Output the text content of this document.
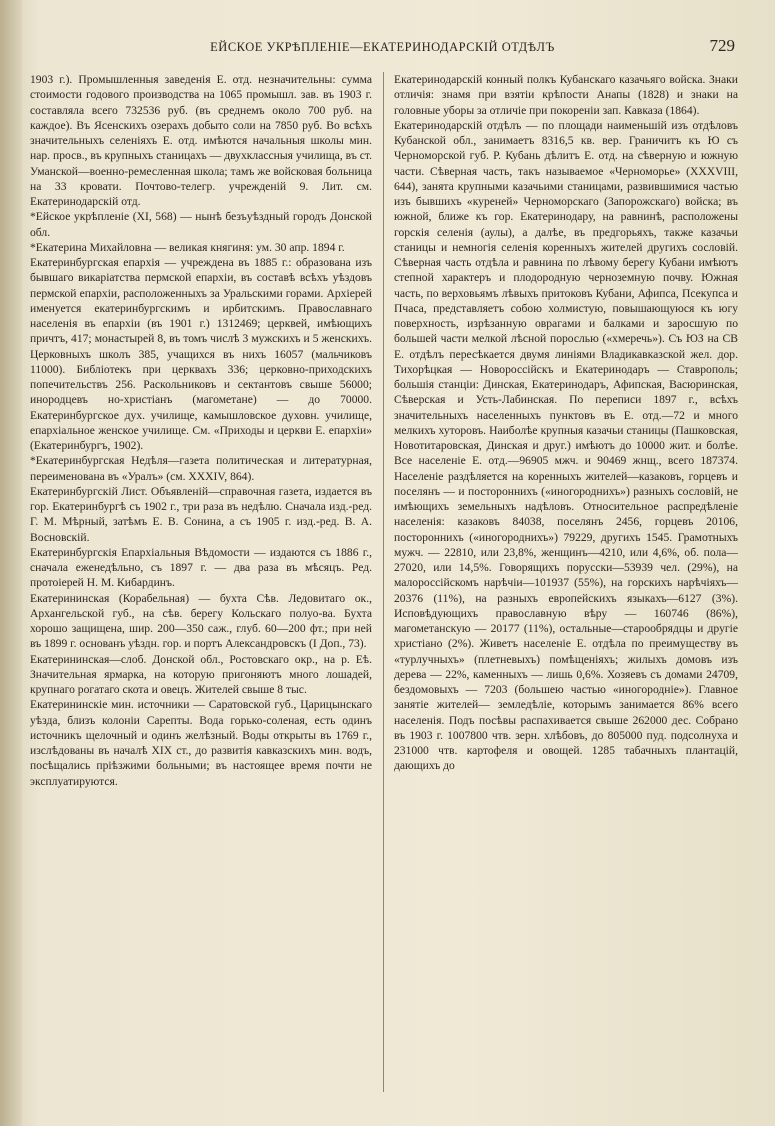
ЕЙСКОЕ УКРѢПЛЕНІЕ—ЕКАТЕРИНОДАРСКІЙ ОТДѢЛЪ	729

1903 г.). Промышленныя заведенія Е. отд. незначительны: сумма стоимости годового производства на 1065 промышл. зав. въ 1903 г. составляла всего 732536 руб. (въ среднемъ около 700 руб. на каждое). Въ Ясенскихъ озерахъ добыто соли на 7850 руб. Во всѣхъ значительныхъ селеніяхъ Е. отд. имѣются начальныя школы мин. нар. просв., въ крупныхъ станицахъ — двухклассныя училища, въ ст. Уманской—военно-ремесленная школа; тамъ же войсковая больница на 33 кровати. Почтово-телегр. учрежденій 9. Лит. см. Екатеринодарскій отд.

*Ейское укрѣпленіе (XI, 568) — нынѣ безъуѣздный городъ Донской обл.

*Екатерина Михайловна — великая княгиня: ум. 30 апр. 1894 г.

Екатеринбургская епархія — учреждена въ 1885 г.: образована изъ бывшаго викаріатства пермской епархіи, въ составѣ всѣхъ уѣздовъ пермской епархіи, расположенныхъ за Уральскими горами. Архіерей именуется екатеринбургскимъ и ирбитскимъ. Православнаго населенія въ епархіи (въ 1901 г.) 1312469; церквей, имѣющихъ причтъ, 417; монастырей 8, въ томъ числѣ 3 мужскихъ и 5 женскихъ. Церковныхъ школъ 385, учащихся въ нихъ 16057 (мальчиковъ 11000). Библіотекъ при церквахъ 336; церковно-приходскихъ попечительствъ 256. Раскольниковъ и сектантовъ свыше 56000; инородцевъ но-христіанъ (магометане) — до 70000. Екатеринбургское дух. училище, камышловское духовн. училище, епархіальное женское училище. См. «Приходы и церкви Е. епархіи» (Екатеринбургъ, 1902).

*Екатеринбургская Недѣля—газета политическая и литературная, переименована въ «Уралъ» (см. XXXIV, 864).

Екатеринбургскій Лист. Объявленій—справочная газета, издается въ гор. Екатеринбургѣ съ 1902 г., три раза въ недѣлю. Сначала изд.-ред. Г. М. Мѣрный, затѣмъ Е. В. Сонина, а съ 1905 г. изд.-ред. В. А. Восновскій.

Екатеринбургскія Епархіальныя Вѣдомости — издаются съ 1886 г., сначала еженедѣльно, съ 1897 г. — два раза въ мѣсяцъ. Ред. протоіерей Н. М. Кибардинъ.

Екатерининская (Корабельная) — бухта Сѣв. Ледовитаго ок., Архангельской губ., на сѣв. берегу Кольскаго полуо-ва. Бухта хорошо защищена, шир. 200—350 саж., глуб. 60—200 фт.; при ней въ 1899 г. основанъ уѣздн. гор. и портъ Александровскъ (I Доп., 73).

Екатерининская—слоб. Донской обл., Ростовскаго окр., на р. Еѣ. Значительная ярмарка, на которую пригоняютъ много лошадей, крупнаго рогатаго скота и овецъ. Жителей свыше 8 тыс.

Екатерининскіе мин. источники — Саратовской губ., Царицынскаго уѣзда, близъ колоніи Сарепты. Вода горько-соленая, есть одинъ источникъ щелочный и одинъ желѣзный. Воды открыты въ 1769 г., изслѣдованы въ началѣ XIX ст., до развитія кавказскихъ мин. водъ, посѣщались пріѣзжими больными; въ настоящее время почти не эксплуатируются.

Екатеринодарскій конный полкъ Кубанскаго казачьяго войска. Знаки отличія: знамя при взятіи крѣпости Анапы (1828) и знаки на головные уборы за отличіе при покореніи зап. Кавказа (1864).

Екатеринодарскій отдѣлъ — по площади наименьшій изъ отдѣловъ Кубанской обл., занимаетъ 8316,5 кв. вер. Граничитъ къ Ю съ Черноморской губ. Р. Кубань дѣлитъ Е. отд. на сѣверную и южную части. Сѣверная часть, такъ называемое «Черноморье» (XXXVIII, 644), занята крупными казачьими станицами, развившимися частью изъ бывшихъ «куреней» Черноморскаго (Запорожскаго) войска; въ южной, ближе къ гор. Екатеринодару, на равнинѣ, расположены горскія селенія (аулы), а далѣе, въ предгорьяхъ, также казачьи станицы и немногія селенія коренныхъ жителей другихъ сословій. Сѣверная часть отдѣла и равнина по лѣвому берегу Кубани имѣютъ степной характеръ и плодородную черноземную почву. Южная часть, по верховьямъ лѣвыхъ притоковъ Кубани, Афипса, Псекупса и Пчаса, представляетъ собою холмистую, повышающуюся къ югу поверхность, изрѣзанную оврагами и балками и заросшую по большей части мелкой лѣсной порослью («хмеречь»). Съ ЮЗ на СВ Е. отдѣлъ пересѣкается двумя линіями Владикавказской жел. дор. Тихорѣцкая — Новороссійскъ и Екатеринодаръ — Ставрополь; большія станціи: Динская, Екатеринодаръ, Афипская, Васюринская, Сѣверская и Усть-Лабинская. По переписи 1897 г., всѣхъ значительныхъ населенныхъ пунктовъ въ Е. отд.—72 и много мелкихъ хуторовъ. Наиболѣе крупныя казачьи станицы (Пашковская, Новотитаровская, Динская и друг.) имѣютъ до 10000 жит. и болѣе. Все населеніе Е. отд.—96905 мжч. и 90469 жнщ., всего 187374. Населеніе раздѣляется на коренныхъ жителей—казаковъ, горцевъ и поселянъ — и постороннихъ («иногороднихъ») разныхъ сословій, не имѣющихъ земельныхъ надѣловъ. Относительное распредѣленіе населенія: казаковъ 84038, поселянъ 2456, горцевъ 20106, постороннихъ («иногороднихъ») 79229, другихъ 1545. Грамотныхъ мужч. — 22810, или 23,8%, женщинъ—4210, или 4,6%, об. пола—27020, или 14,5%. Говорящихъ порусски—53939 чел. (29%), на малороссійскомъ нарѣчіи—101937 (55%), на горскихъ нарѣчіяхъ—20376 (11%), на разныхъ европейскихъ языкахъ—6127 (3%). Исповѣдующихъ православную вѣру — 160746 (86%), магометанскую — 20177 (11%), остальные—старообрядцы и другіе христіано (2%). Живетъ населеніе Е. отдѣла по преимуществу въ «турлучныхъ» (плетневыхъ) помѣщеніяхъ; жилыхъ домовъ изъ дерева — 22%, каменныхъ — лишь 0,6%. Хозяевъ съ домами 24709, бездомовыхъ — 7203 (большею частью «иногородніе»). Главное занятіе жителей— земледѣліе, которымъ занимается 86% всего населенія. Подъ посѣвы распахивается свыше 262000 дес. Собрано въ 1903 г. 1007800 чтв. зерн. хлѣбовъ, до 805000 пуд. подсолнуха и 231000 чтв. картофеля и овощей. 1285 табачныхъ плантацій, дающихъ до
